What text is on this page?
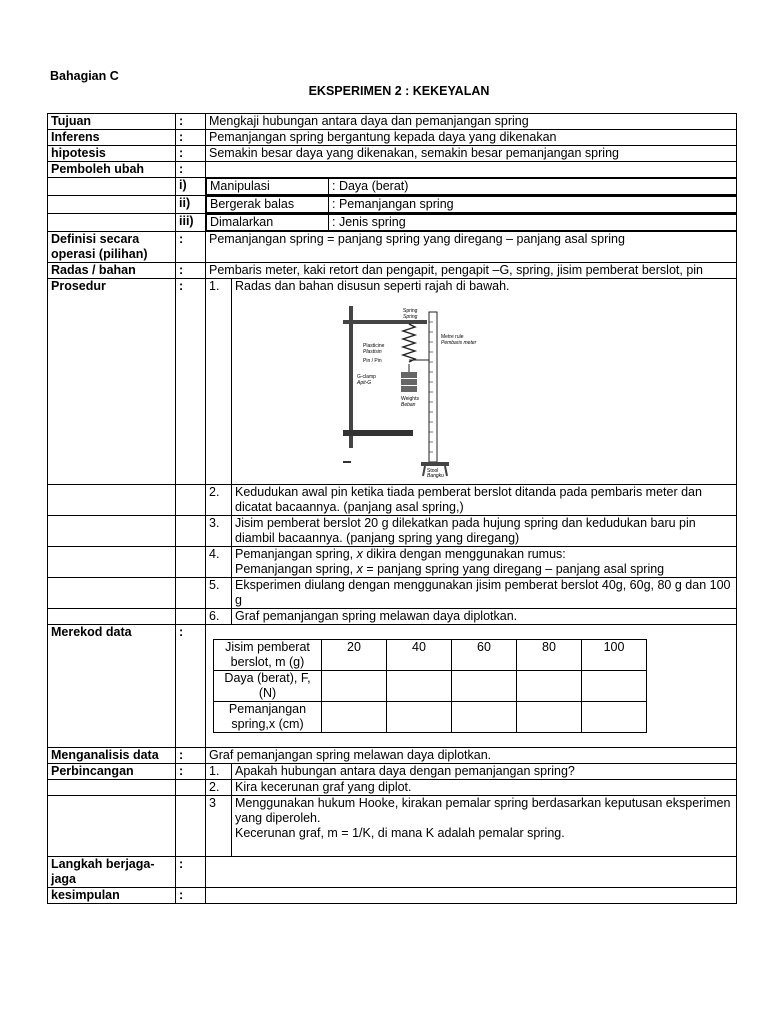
Bahagian C
EKSPERIMEN 2 : KEKEYALAN
Tujuan	:	Mengkaji hubungan antara daya dan pemanjangan spring
Inferens	:	Pemanjangan spring bergantung kepada daya yang dikenakan
hipotesis	:	Semakin besar daya yang dikenakan, semakin besar pemanjangan spring
Pemboleh ubah	:	
	i)	Manipulasi	: Daya (berat)

	ii)	Bergerak balas	: Pemanjangan spring

	iii)	Dimalarkan	: Jenis spring

Definisi secara operasi (pilihan)	:	Pemanjangan spring = panjang spring yang diregang – panjang asal spring
Radas / bahan	:	Pembaris meter, kaki retort dan pengapit, pengapit –G, spring, jisim pemberat berslot, pin
Prosedur	:	1.	Radas dan bahan disusun seperti rajah di bawah.
Spring
Spring
Metre rule
Pembaris meter
Plasticine
Plastisin
Pin / Pin
G-clamp
Apit-G
Weights
Beban
Stool
Bangku

		2.	Kedudukan awal pin ketika tiada pemberat berslot ditanda pada pembaris meter dan dicatat bacaannya. (panjang asal spring,)
		3.	Jisim pemberat berslot 20 g dilekatkan pada hujung spring dan kedudukan baru pin diambil bacaannya. (panjang spring yang diregang)
		4.	Pemanjangan spring, x dikira dengan menggunakan rumus:
Pemanjangan spring, x = panjang spring yang diregang – panjang asal spring

		5.	Eksperimen diulang dengan menggunakan jisim pemberat berslot 40g, 60g, 80 g dan 100 g
		6.	Graf pemanjangan spring melawan daya diplotkan.
Merekod data	:	
Jisim pemberat berslot, m (g)	20	40	60	80	100
Daya (berat), F, (N)					
Pemanjangan spring,x (cm)					

Menganalisis data	:	Graf pemanjangan spring melawan daya diplotkan.
Perbincangan	:	1.	Apakah hubungan antara daya dengan pemanjangan spring?
		2.	Kira kecerunan graf yang diplot.
		3	Menggunakan hukum Hooke, kirakan pemalar spring berdasarkan keputusan eksperimen yang diperoleh.
Kecerunan graf, m = 1/K, di mana K adalah pemalar spring.

Langkah berjaga-jaga	:	
kesimpulan	:	
